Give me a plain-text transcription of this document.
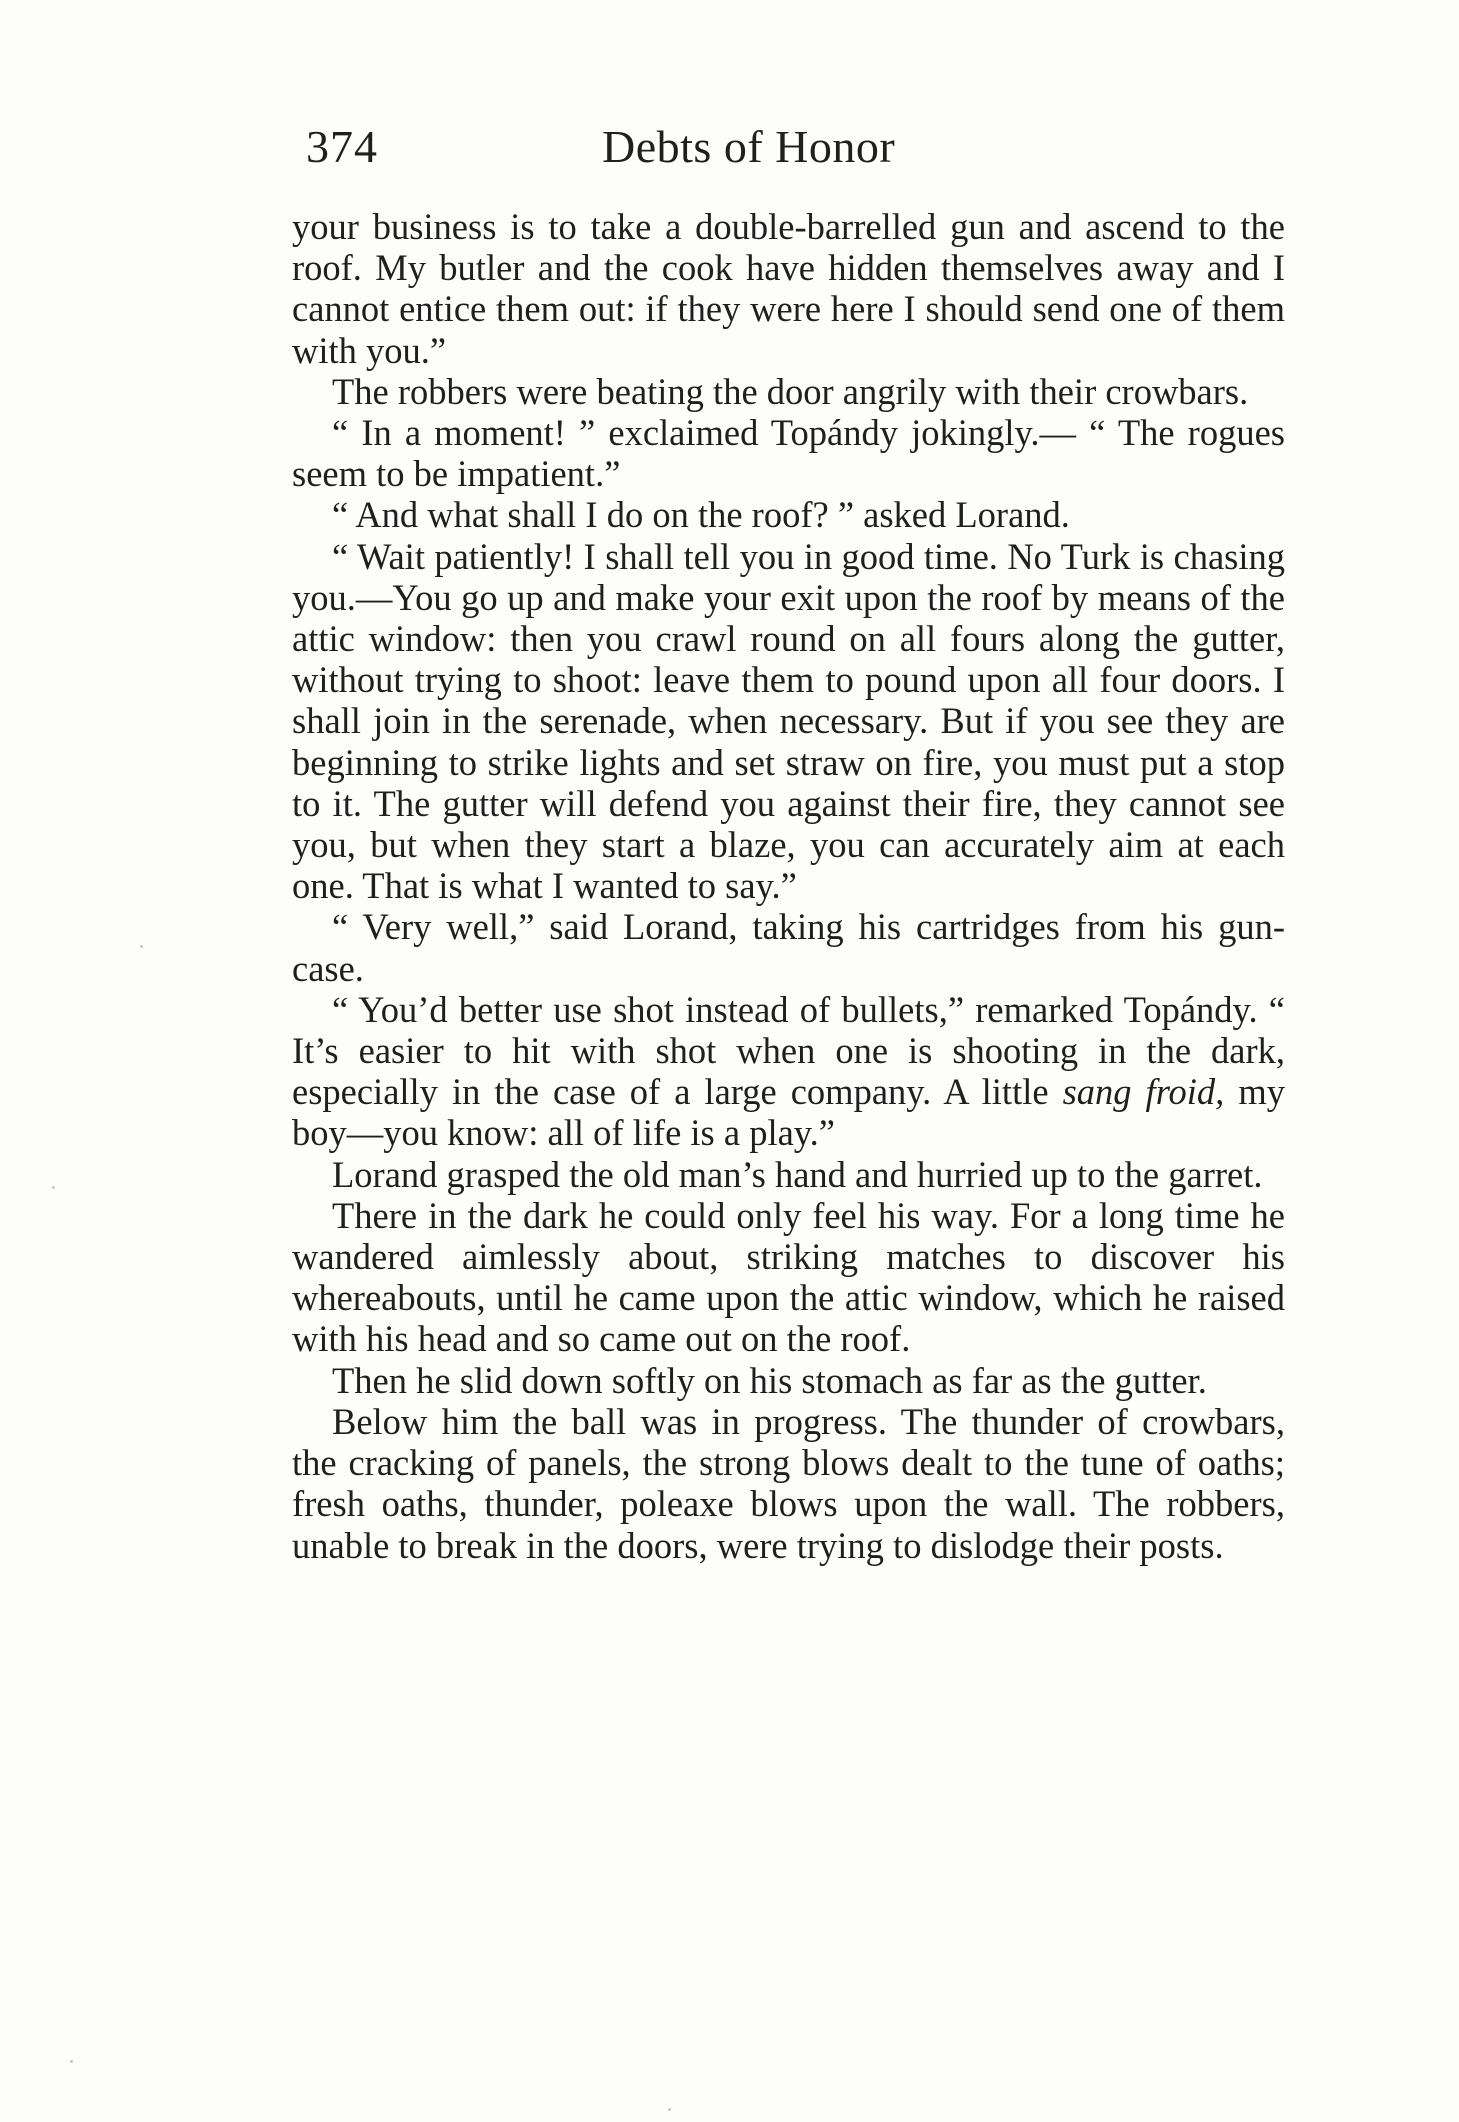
374	Debts of Honor

your business is to take a double-barrelled gun and ascend to the roof. My butler and the cook have hidden themselves away and I cannot entice them out: if they were here I should send one of them with you.”

The robbers were beating the door angrily with their crowbars.

“ In a moment! ” exclaimed Topándy jokingly.— “ The rogues seem to be impatient.”

“ And what shall I do on the roof? ” asked Lorand.

“ Wait patiently! I shall tell you in good time. No Turk is chasing you.—You go up and make your exit upon the roof by means of the attic window: then you crawl round on all fours along the gutter, without trying to shoot: leave them to pound upon all four doors. I shall join in the serenade, when necessary. But if you see they are beginning to strike lights and set straw on fire, you must put a stop to it. The gutter will defend you against their fire, they cannot see you, but when they start a blaze, you can accurately aim at each one. That is what I wanted to say.”

“ Very well,” said Lorand, taking his cartridges from his gun-case.

“ You’d better use shot instead of bullets,” remarked Topándy. “ It’s easier to hit with shot when one is shooting in the dark, especially in the case of a large company. A little sang froid, my boy—you know: all of life is a play.”

Lorand grasped the old man’s hand and hurried up to the garret.

There in the dark he could only feel his way. For a long time he wandered aimlessly about, striking matches to discover his whereabouts, until he came upon the attic window, which he raised with his head and so came out on the roof.

Then he slid down softly on his stomach as far as the gutter.

Below him the ball was in progress. The thunder of crowbars, the cracking of panels, the strong blows dealt to the tune of oaths; fresh oaths, thunder, poleaxe blows upon the wall. The robbers, unable to break in the doors, were trying to dislodge their posts.
